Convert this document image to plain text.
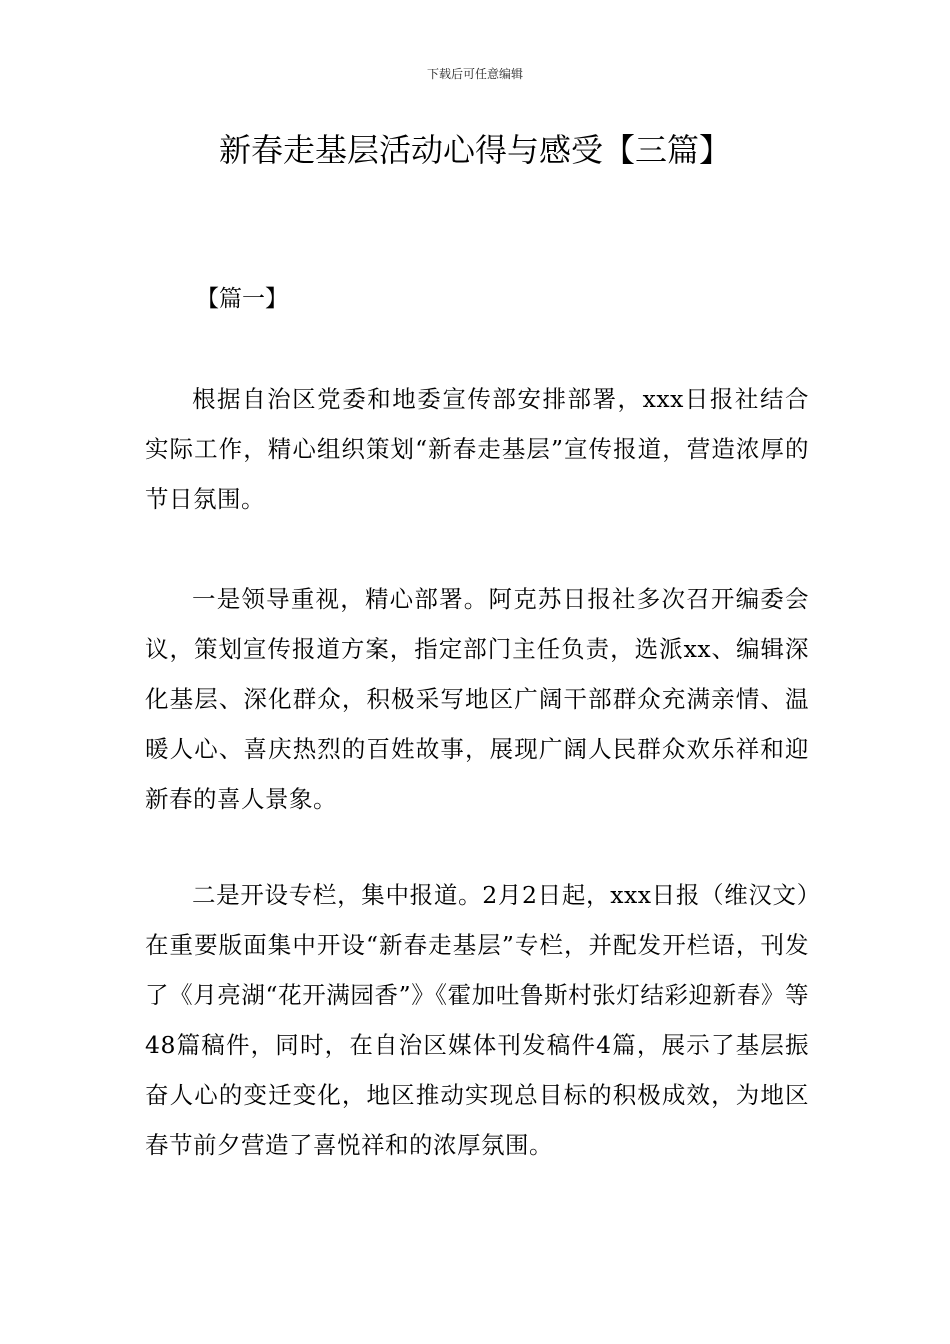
下载后可任意编辑
新春走基层活动心得与感受【三篇】
【篇一】

根据自治区党委和地委宣传部安排部署，xxx日报社结合实际工作，精心组织策划“新春走基层”宣传报道，营造浓厚的节日氛围。

一是领导重视，精心部署。阿克苏日报社多次召开编委会议，策划宣传报道方案，指定部门主任负责，选派xx、编辑深化基层、深化群众，积极采写地区广阔干部群众充满亲情、温暖人心、喜庆热烈的百姓故事，展现广阔人民群众欢乐祥和迎新春的喜人景象。

二是开设专栏，集中报道。2月2日起，xxx日报（维汉文）在重要版面集中开设“新春走基层”专栏，并配发开栏语，刊发了《月亮湖“花开满园香”》《霍加吐鲁斯村张灯结彩迎新春》等48篇稿件，同时，在自治区媒体刊发稿件4篇，展示了基层振奋人心的变迁变化，地区推动实现总目标的积极成效，为地区春节前夕营造了喜悦祥和的浓厚氛围。
